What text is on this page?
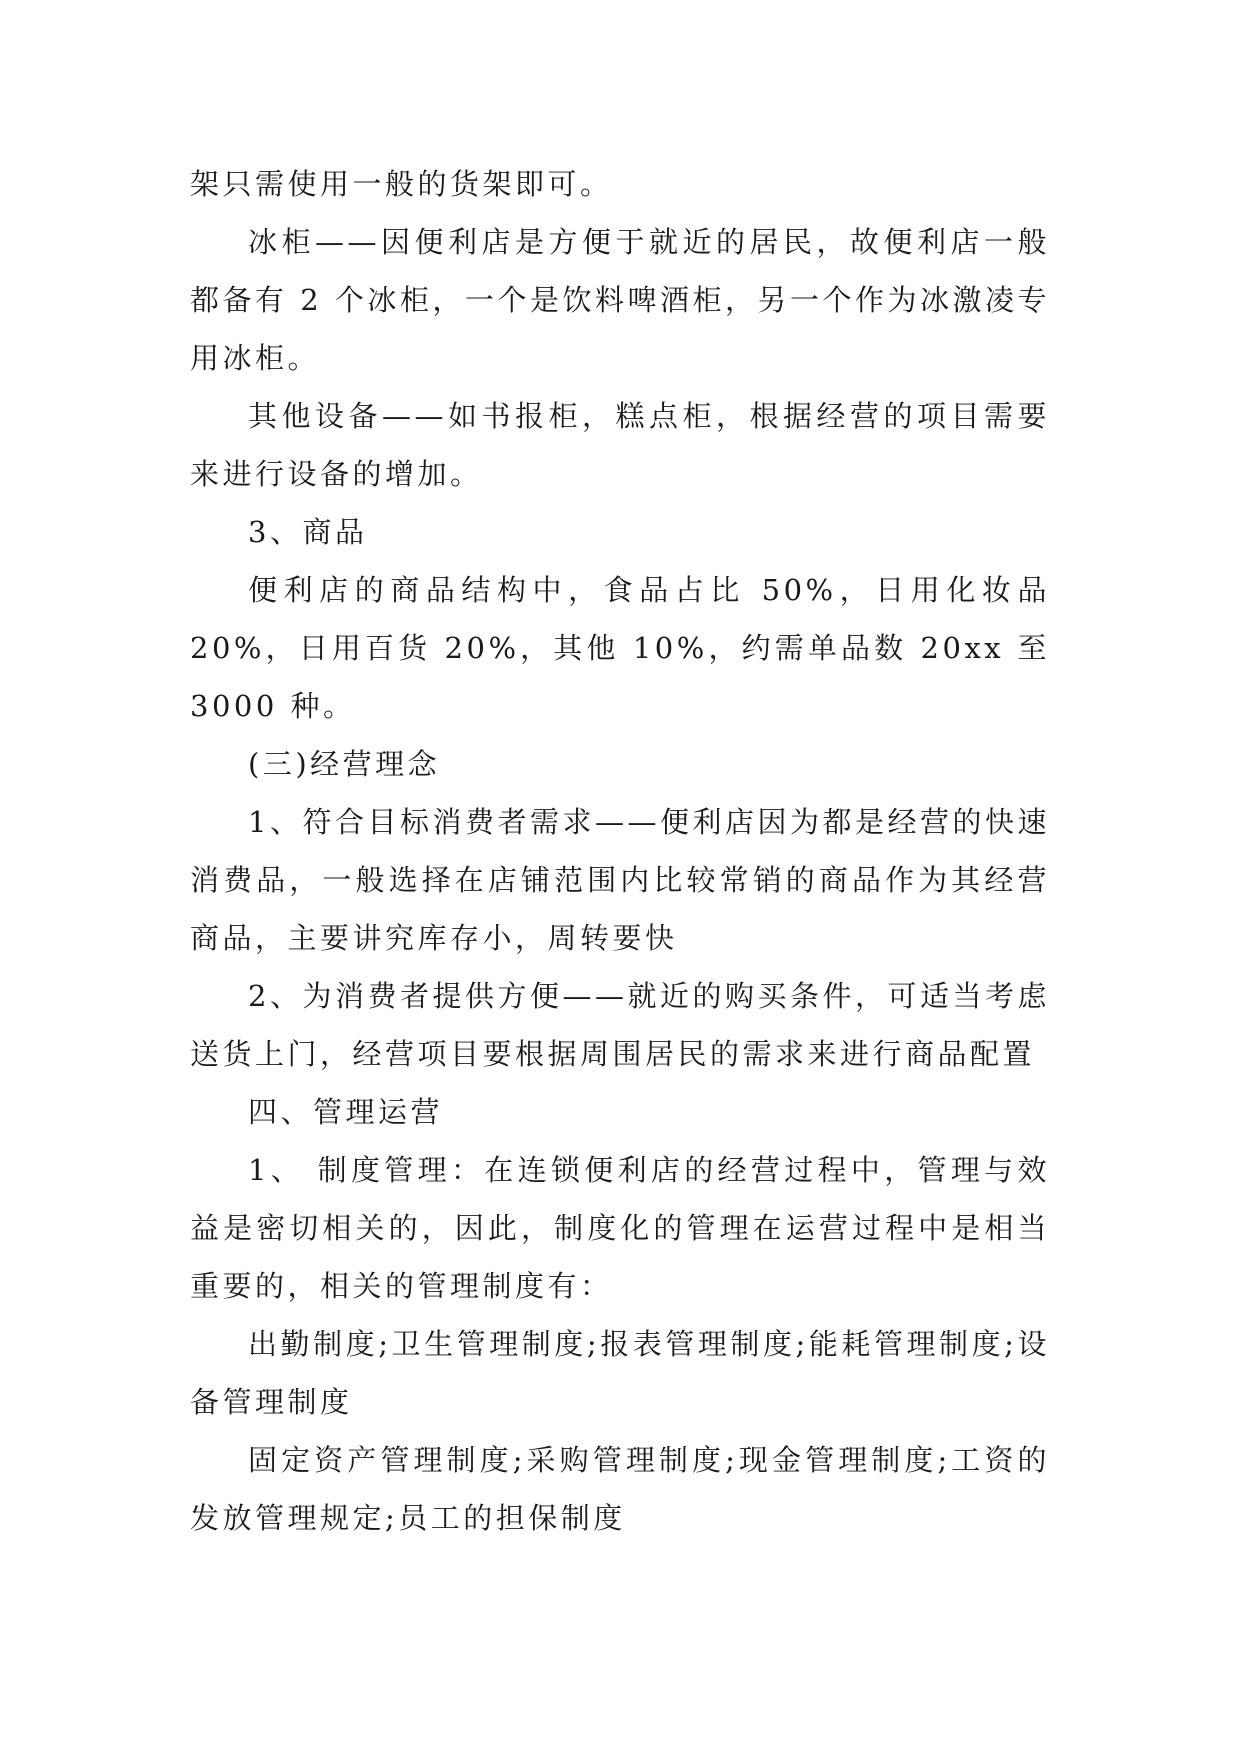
架只需使用一般的货架即可。

冰柜——因便利店是方便于就近的居民，故便利店一般都备有 2 个冰柜，一个是饮料啤酒柜，另一个作为冰激凌专用冰柜。

其他设备——如书报柜，糕点柜，根据经营的项目需要来进行设备的增加。

3、商品

便利店的商品结构中，食品占比 50%，日用化妆品 20%，日用百货 20%，其他 10%，约需单品数 20xx 至 3000 种。

(三)经营理念

1、符合目标消费者需求——便利店因为都是经营的快速消费品，一般选择在店铺范围内比较常销的商品作为其经营商品，主要讲究库存小，周转要快

2、为消费者提供方便——就近的购买条件，可适当考虑送货上门，经营项目要根据周围居民的需求来进行商品配置

四、管理运营

1、 制度管理：在连锁便利店的经营过程中，管理与效益是密切相关的，因此，制度化的管理在运营过程中是相当重要的，相关的管理制度有：

出勤制度;卫生管理制度;报表管理制度;能耗管理制度;设备管理制度

固定资产管理制度;采购管理制度;现金管理制度;工资的发放管理规定;员工的担保制度
